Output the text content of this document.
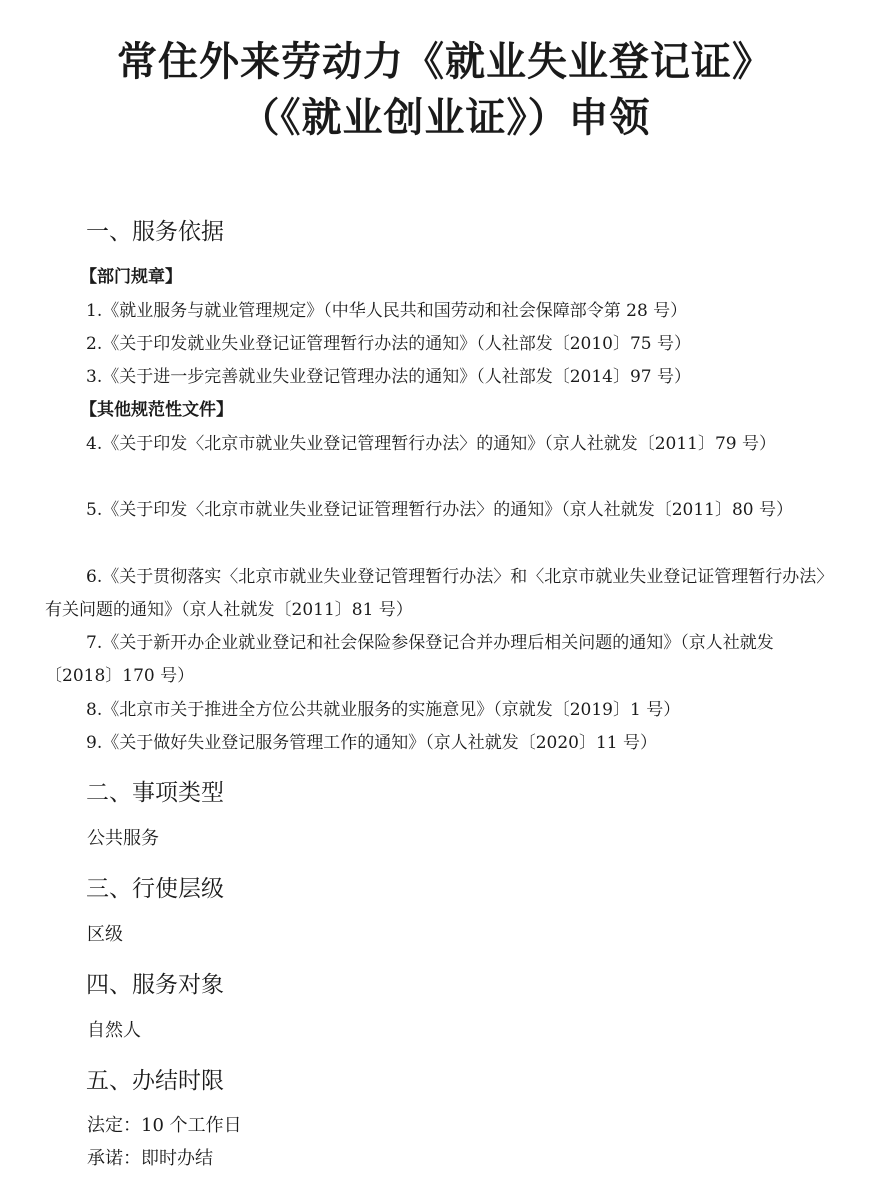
常住外来劳动力《就业失业登记证》
（《就业创业证》）申领
一、服务依据
【部门规章】
1.《就业服务与就业管理规定》（中华人民共和国劳动和社会保障部令第 28 号）
2.《关于印发就业失业登记证管理暂行办法的通知》（人社部发〔2010〕75 号）
3.《关于进一步完善就业失业登记管理办法的通知》（人社部发〔2014〕97 号）
【其他规范性文件】
4.《关于印发〈北京市就业失业登记管理暂行办法〉的通知》（京人社就发〔2011〕79 号）
5.《关于印发〈北京市就业失业登记证管理暂行办法〉的通知》（京人社就发〔2011〕80 号）
6.《关于贯彻落实〈北京市就业失业登记管理暂行办法〉和〈北京市就业失业登记证管理暂行办法〉有关问题的通知》（京人社就发〔2011〕81 号）
7.《关于新开办企业就业登记和社会保险参保登记合并办理后相关问题的通知》（京人社就发〔2018〕170 号）
8.《北京市关于推进全方位公共就业服务的实施意见》（京就发〔2019〕1 号）
9.《关于做好失业登记服务管理工作的通知》（京人社就发〔2020〕11 号）
二、事项类型
公共服务
三、行使层级
区级
四、服务对象
自然人
五、办结时限
法定：10 个工作日
承诺：即时办结
